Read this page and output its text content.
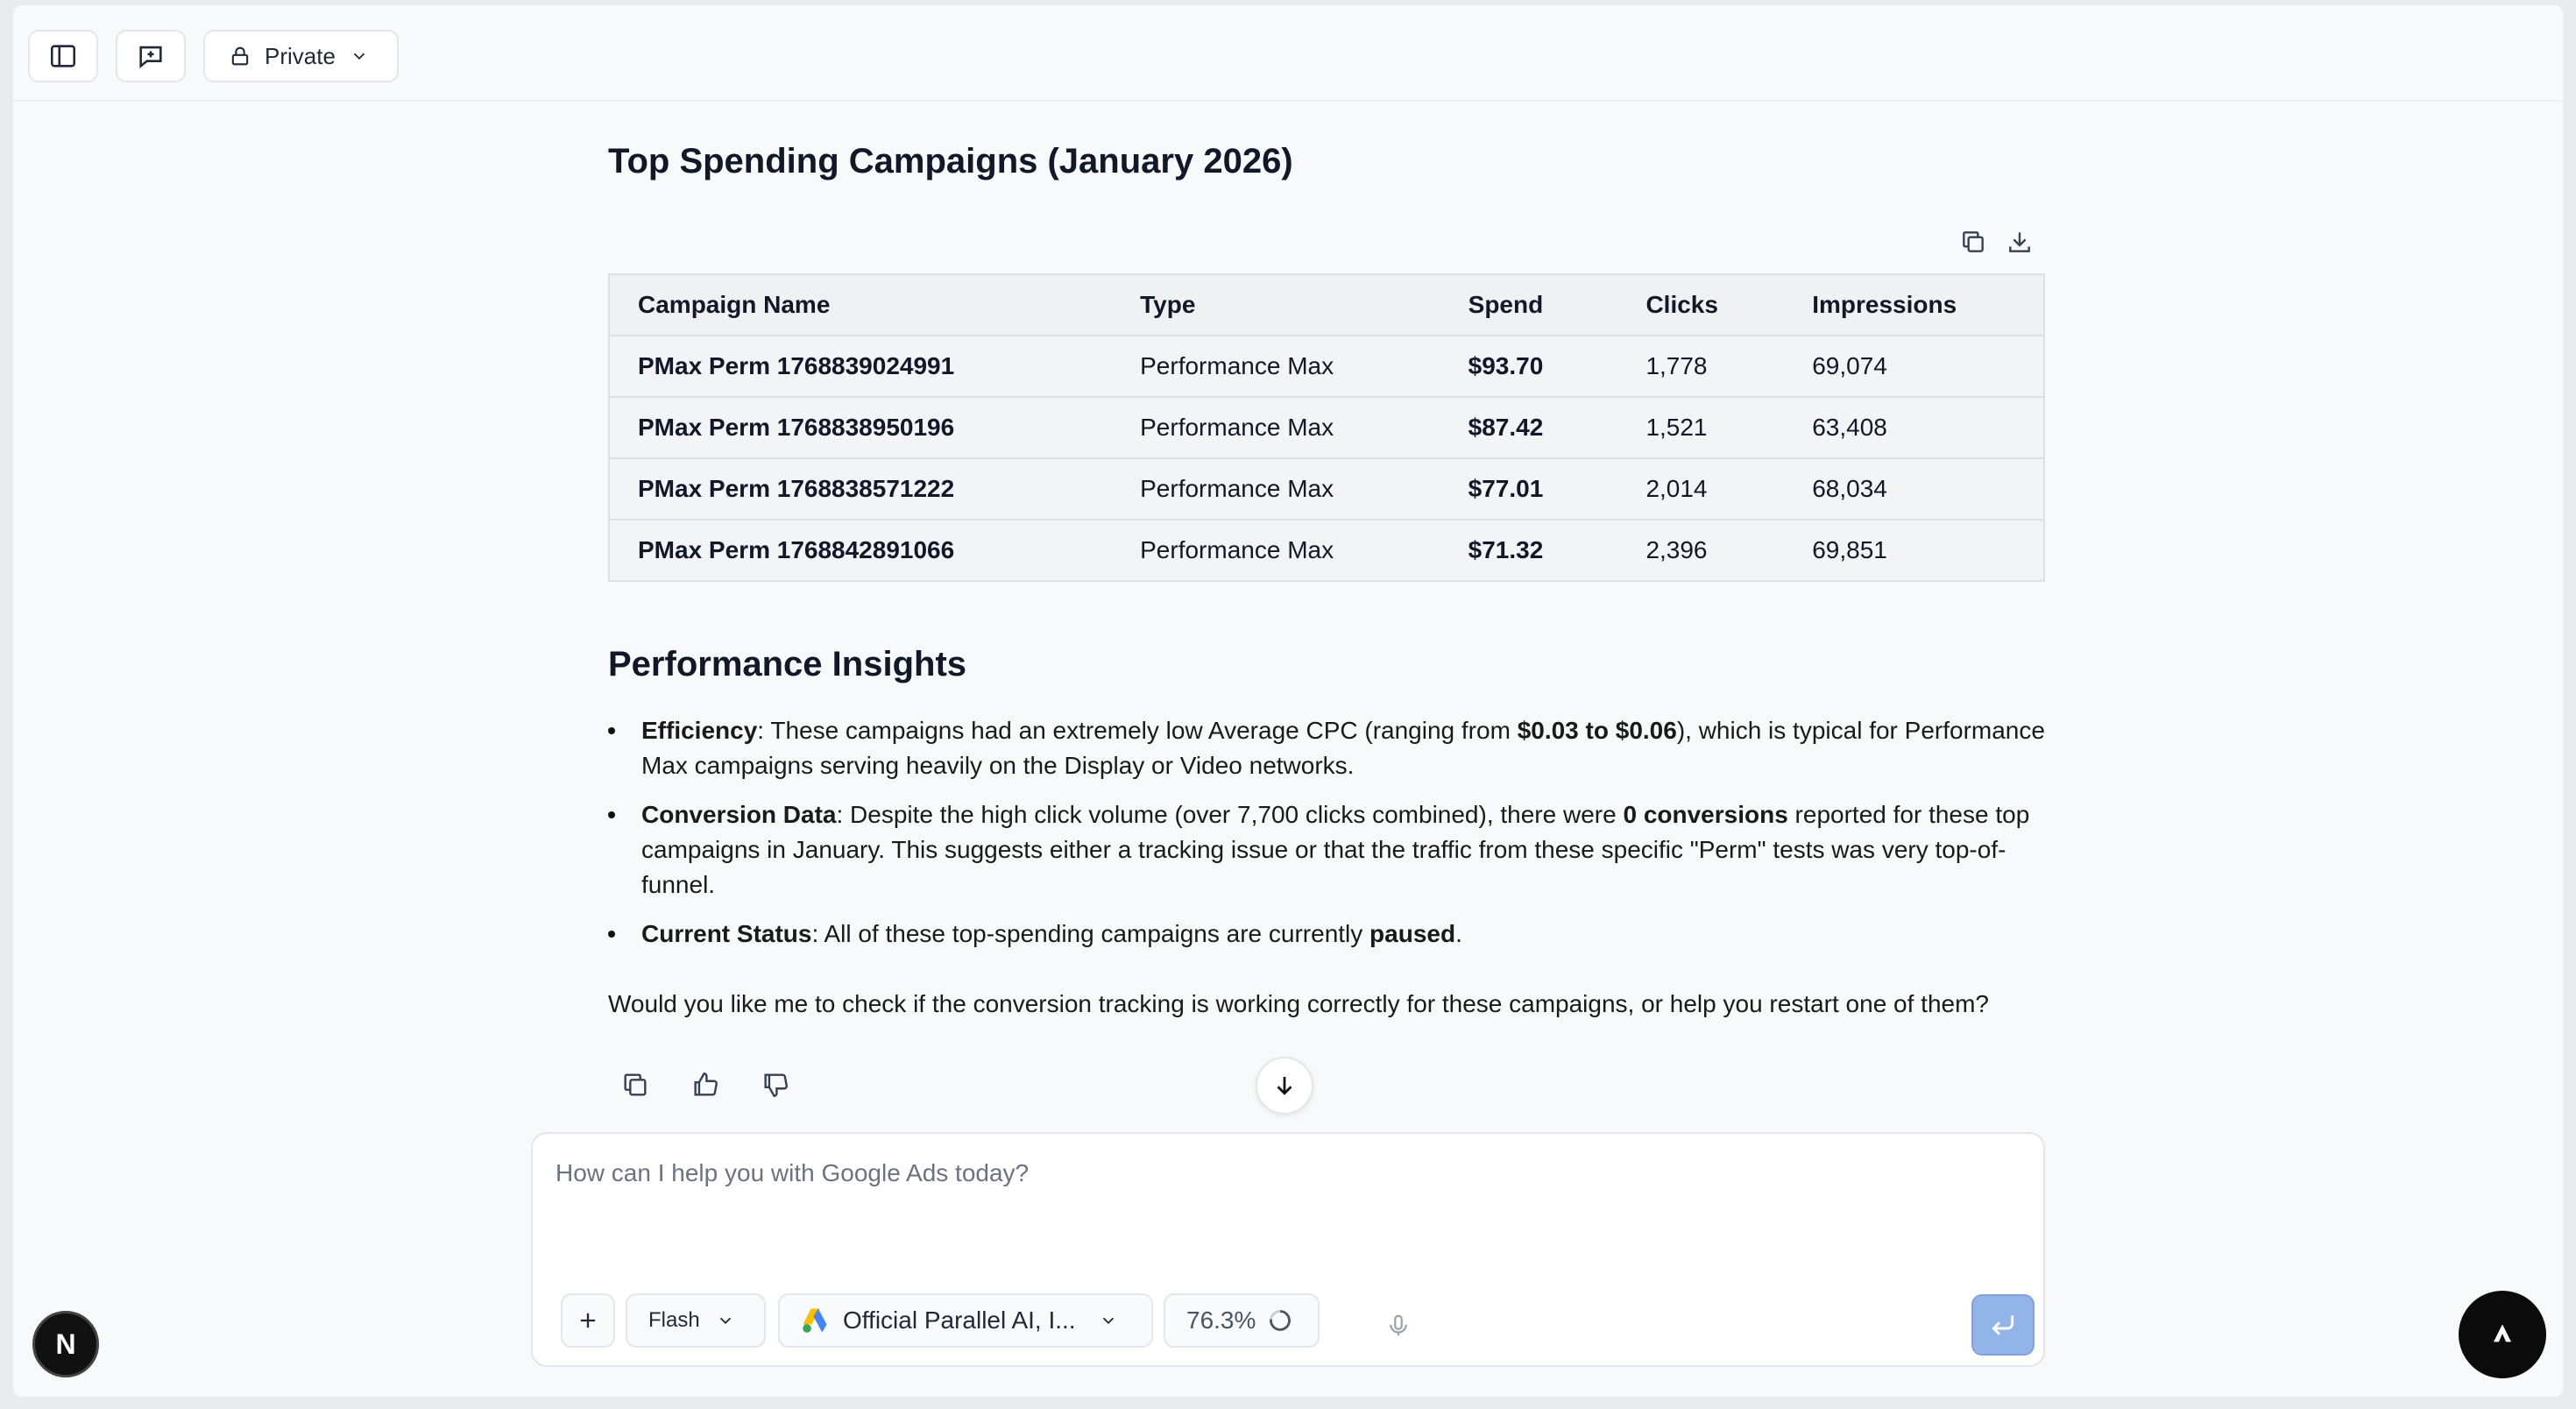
Private
Top Spending Campaigns (January 2026)
Campaign Name	Type	Spend	Clicks	Impressions
PMax Perm 1768839024991	Performance Max	$93.70	1,778	69,074
PMax Perm 1768838950196	Performance Max	$87.42	1,521	63,408
PMax Perm 1768838571222	Performance Max	$77.01	2,014	68,034
PMax Perm 1768842891066	Performance Max	$71.32	2,396	69,851
Performance Insights
Efficiency: These campaigns had an extremely low Average CPC (ranging from $0.03 to $0.06), which is typical for Performance Max campaigns serving heavily on the Display or Video networks.
Conversion Data: Despite the high click volume (over 7,700 clicks combined), there were 0 conversions reported for these top campaigns in January. This suggests either a tracking issue or that the traffic from these specific "Perm" tests was very top-of-funnel.
Current Status: All of these top-spending campaigns are currently paused.
Would you like me to check if the conversion tracking is working correctly for these campaigns, or help you restart one of them?
How can I help you with Google Ads today?
Flash	Official Parallel AI, I...	76.3%
N
